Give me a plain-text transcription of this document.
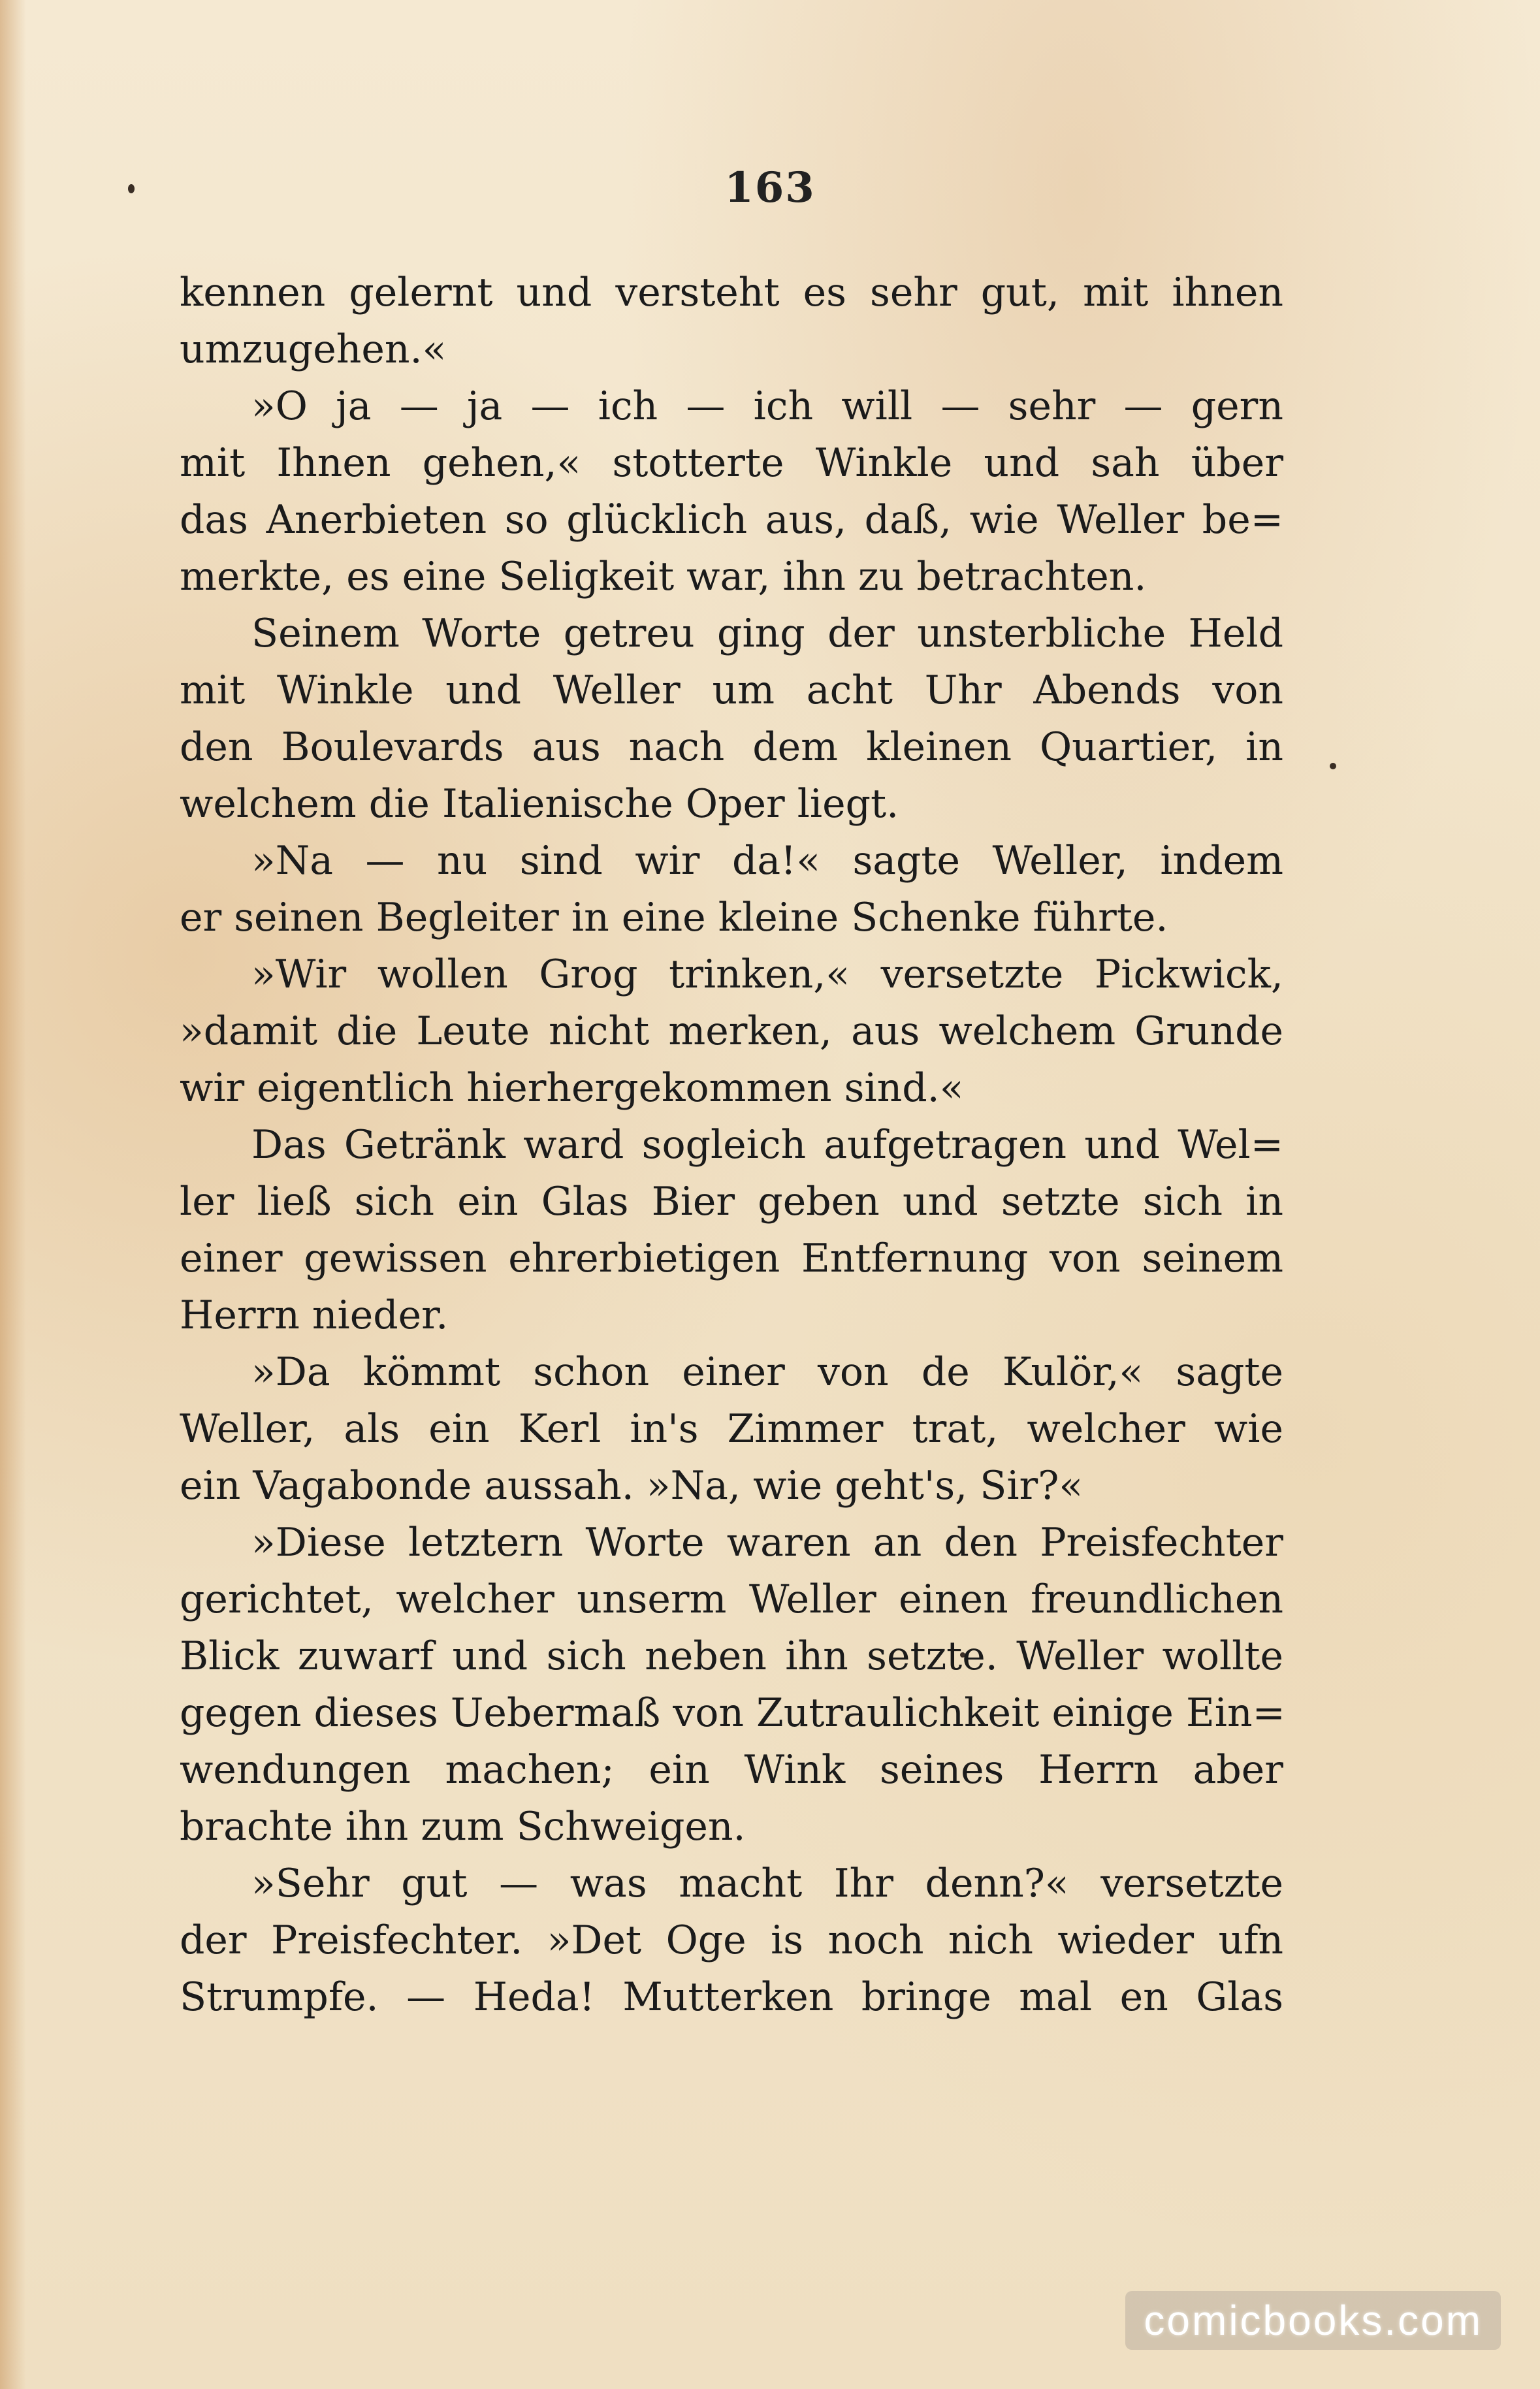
163
kennen gelernt und versteht es sehr gut, mit ihnen
umzugehen.«
»O ja — ja — ich — ich will — sehr — gern
mit Ihnen gehen,« stotterte Winkle und sah über
das Anerbieten so glücklich aus, daß, wie Weller be=
merkte, es eine Seligkeit war, ihn zu betrachten.
Seinem Worte getreu ging der unsterbliche Held
mit Winkle und Weller um acht Uhr Abends von
den Boulevards aus nach dem kleinen Quartier, in
welchem die Italienische Oper liegt.
»Na — nu sind wir da!« sagte Weller, indem
er seinen Begleiter in eine kleine Schenke führte.
»Wir wollen Grog trinken,« versetzte Pickwick,
»damit die Leute nicht merken, aus welchem Grunde
wir eigentlich hierhergekommen sind.«
Das Getränk ward sogleich aufgetragen und Wel=
ler ließ sich ein Glas Bier geben und setzte sich in
einer gewissen ehrerbietigen Entfernung von seinem
Herrn nieder.
»Da kömmt schon einer von de Kulör,« sagte
Weller, als ein Kerl in's Zimmer trat, welcher wie
ein Vagabonde aussah. »Na, wie geht's, Sir?«
»Diese letztern Worte waren an den Preisfechter
gerichtet, welcher unserm Weller einen freundlichen
Blick zuwarf und sich neben ihn setzte. Weller wollte
gegen dieses Uebermaß von Zutraulichkeit einige Ein=
wendungen machen; ein Wink seines Herrn aber
brachte ihn zum Schweigen.
»Sehr gut — was macht Ihr denn?« versetzte
der Preisfechter. »Det Oge is noch nich wieder ufn
Strumpfe. — Heda! Mutterken bringe mal en Glas
comicbooks.com
